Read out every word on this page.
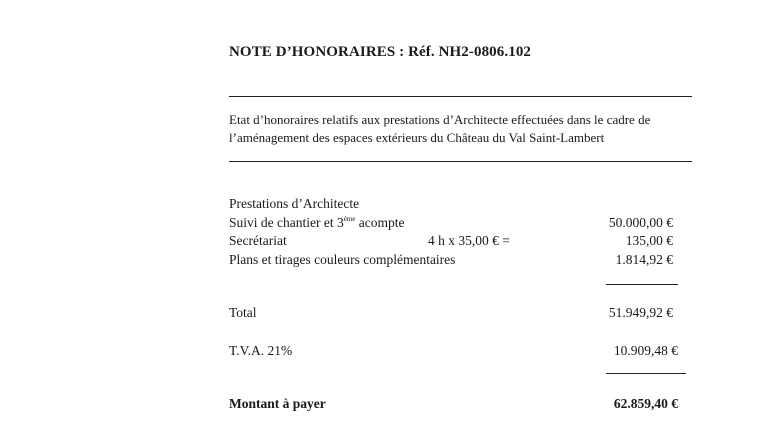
NOTE D’HONORAIRES : Réf. NH2-0806.102
Etat d’honoraires relatifs aux prestations d’Architecte effectuées dans le cadre de
l’aménagement des espaces extérieurs du Château du Val Saint-Lambert
Prestations d’Architecte
Suivi de chantier et 3ème acompte	50.000,00 €
Secrétariat	4 h x 35,00 € =	135,00 €
Plans et tirages couleurs complémentaires	1.814,92 €
Total	51.949,92 €
T.V.A. 21%	10.909,48 €
Montant à payer	62.859,40 €
